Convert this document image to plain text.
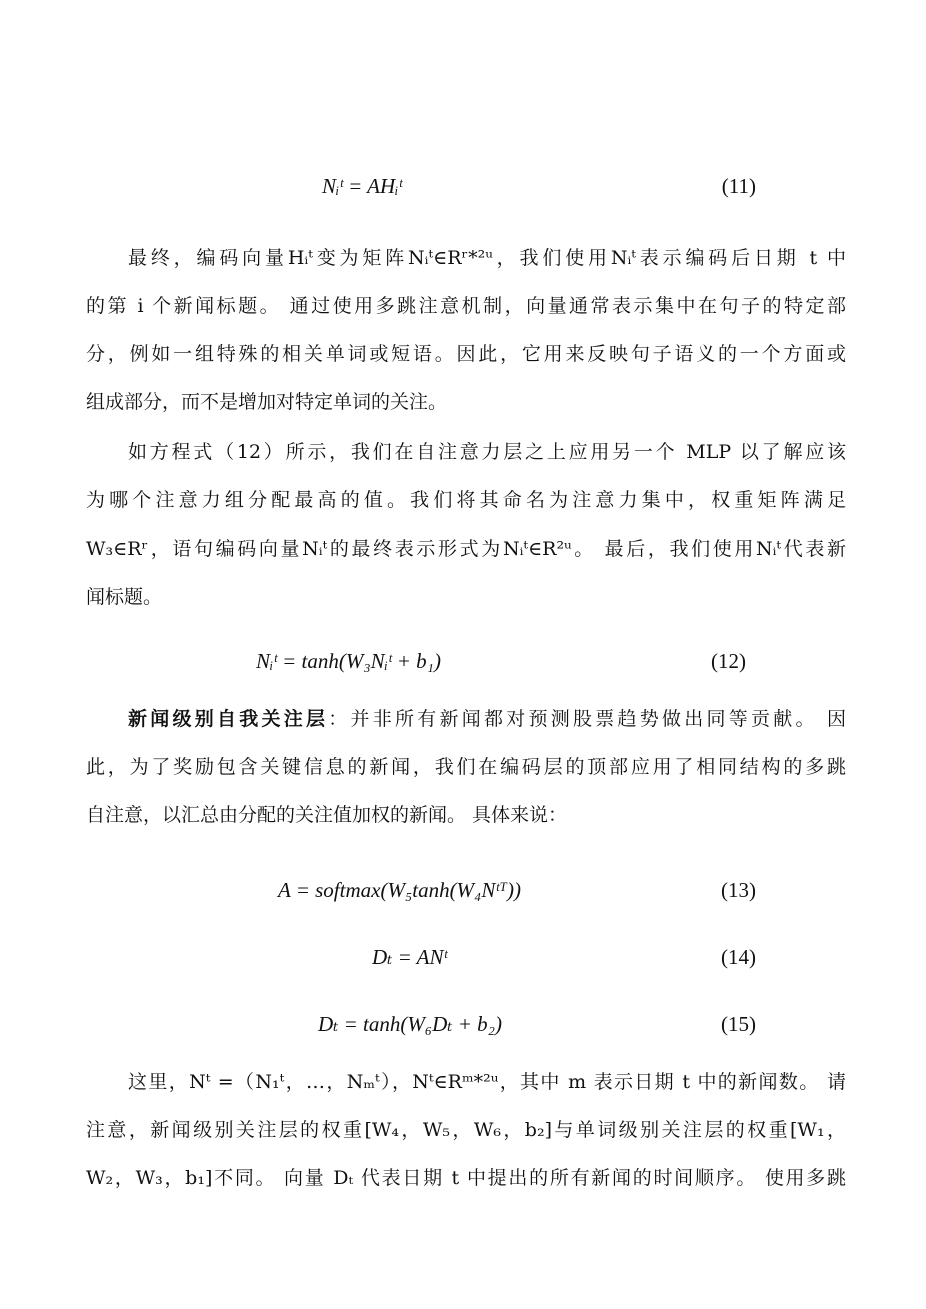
Nᵢᵗ = AHᵢᵗ	(11)
最终，编码向量Hᵢᵗ变为矩阵Nᵢᵗ∈Rʳ*²ᵘ，我们使用Nᵢᵗ表示编码后日期 t 中
的第 i 个新闻标题。 通过使用多跳注意机制，向量通常表示集中在句子的特定部
分，例如一组特殊的相关单词或短语。因此，它用来反映句子语义的一个方面或
组成部分，而不是增加对特定单词的关注。
如方程式（12）所示，我们在自注意力层之上应用另一个 MLP 以了解应该
为哪个注意力组分配最高的值。我们将其命名为注意力集中，权重矩阵满足
W₃∈Rʳ，语句编码向量Nᵢᵗ的最终表示形式为Nᵢᵗ∈R²ᵘ。 最后，我们使用Nᵢᵗ代表新
闻标题。
Nᵢᵗ = tanh(W₃Nᵢᵗ + b₁)	(12)
新闻级别自我关注层：并非所有新闻都对预测股票趋势做出同等贡献。 因
此，为了奖励包含关键信息的新闻，我们在编码层的顶部应用了相同结构的多跳
自注意，以汇总由分配的关注值加权的新闻。 具体来说：
A = softmax(W₅tanh(W₄Nᵗᵀ))	(13)
Dₜ = ANᵗ	(14)
Dₜ = tanh(W₆Dₜ + b₂)	(15)
这里，Nᵗ =（N₁ᵗ，…，Nₘᵗ），Nᵗ∈Rᵐ*²ᵘ，其中 m 表示日期 t 中的新闻数。 请
注意，新闻级别关注层的权重[W₄，W₅，W₆，b₂]与单词级别关注层的权重[W₁，
W₂，W₃，b₁]不同。 向量 Dₜ 代表日期 t 中提出的所有新闻的时间顺序。 使用多跳
